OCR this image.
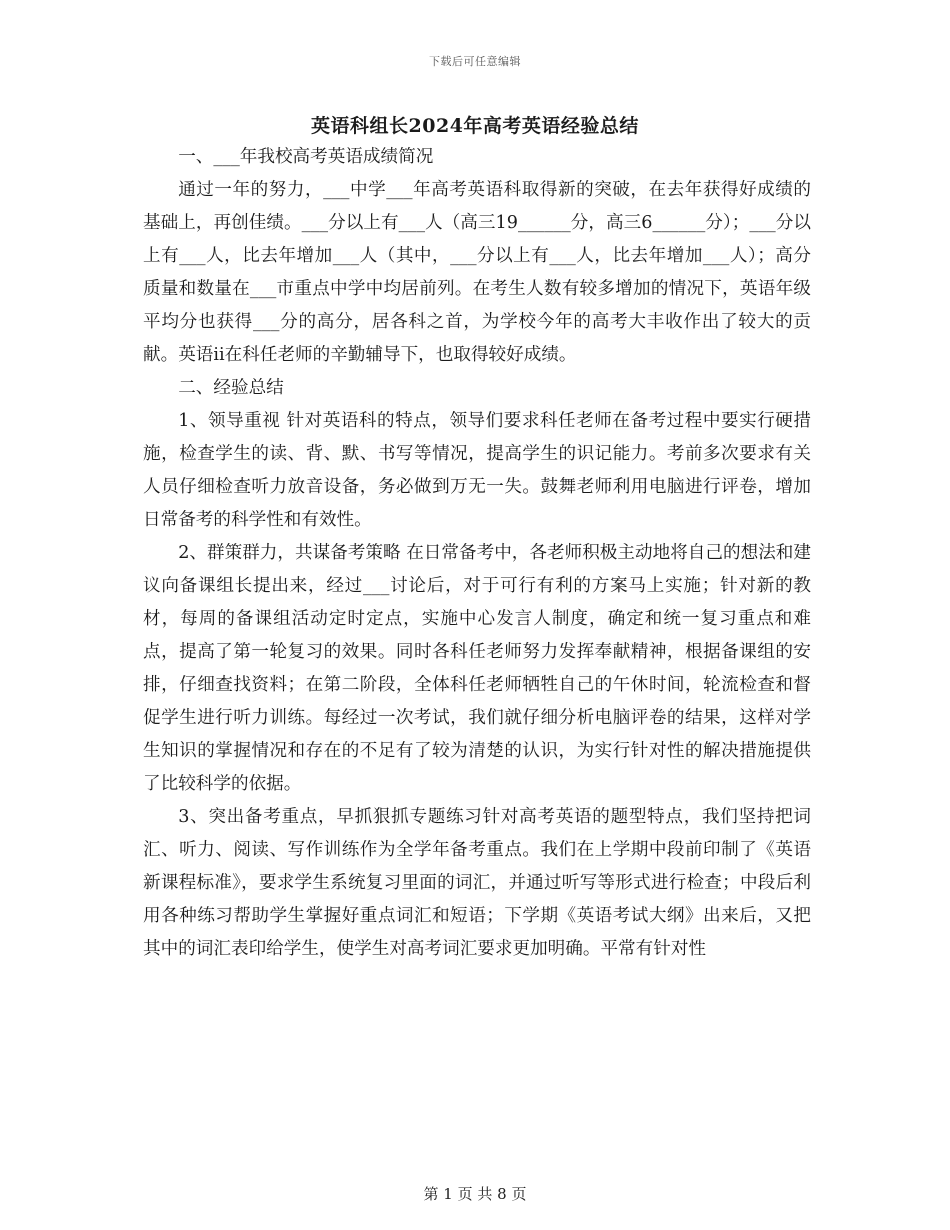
下载后可任意编辑
英语科组长2024年高考英语经验总结

一、___年我校高考英语成绩简况

通过一年的努力，___中学___年高考英语科取得新的突破，在去年获得好成绩的基础上，再创佳绩。___分以上有___人（高三19______分，高三6______分）；___分以上有___人，比去年增加___人（其中，___分以上有___人，比去年增加___人）；高分质量和数量在___市重点中学中均居前列。在考生人数有较多增加的情况下，英语年级平均分也获得___分的高分，居各科之首，为学校今年的高考大丰收作出了较大的贡献。英语ii在科任老师的辛勤辅导下，也取得较好成绩。

二、经验总结

1、领导重视 针对英语科的特点，领导们要求科任老师在备考过程中要实行硬措施，检查学生的读、背、默、书写等情况，提高学生的识记能力。考前多次要求有关人员仔细检查听力放音设备，务必做到万无一失。鼓舞老师利用电脑进行评卷，增加日常备考的科学性和有效性。

2、群策群力，共谋备考策略 在日常备考中，各老师积极主动地将自己的想法和建议向备课组长提出来，经过___讨论后，对于可行有利的方案马上实施；针对新的教材，每周的备课组活动定时定点，实施中心发言人制度，确定和统一复习重点和难点，提高了第一轮复习的效果。同时各科任老师努力发挥奉献精神，根据备课组的安排，仔细查找资料；在第二阶段，全体科任老师牺牲自己的午休时间，轮流检查和督促学生进行听力训练。每经过一次考试，我们就仔细分析电脑评卷的结果，这样对学生知识的掌握情况和存在的不足有了较为清楚的认识，为实行针对性的解决措施提供了比较科学的依据。

3、突出备考重点，早抓狠抓专题练习针对高考英语的题型特点，我们坚持把词汇、听力、阅读、写作训练作为全学年备考重点。我们在上学期中段前印制了《英语新课程标准》，要求学生系统复习里面的词汇，并通过听写等形式进行检查；中段后利用各种练习帮助学生掌握好重点词汇和短语；下学期《英语考试大纲》出来后，又把其中的词汇表印给学生，使学生对高考词汇要求更加明确。平常有针对性

第 1 页 共 8 页
